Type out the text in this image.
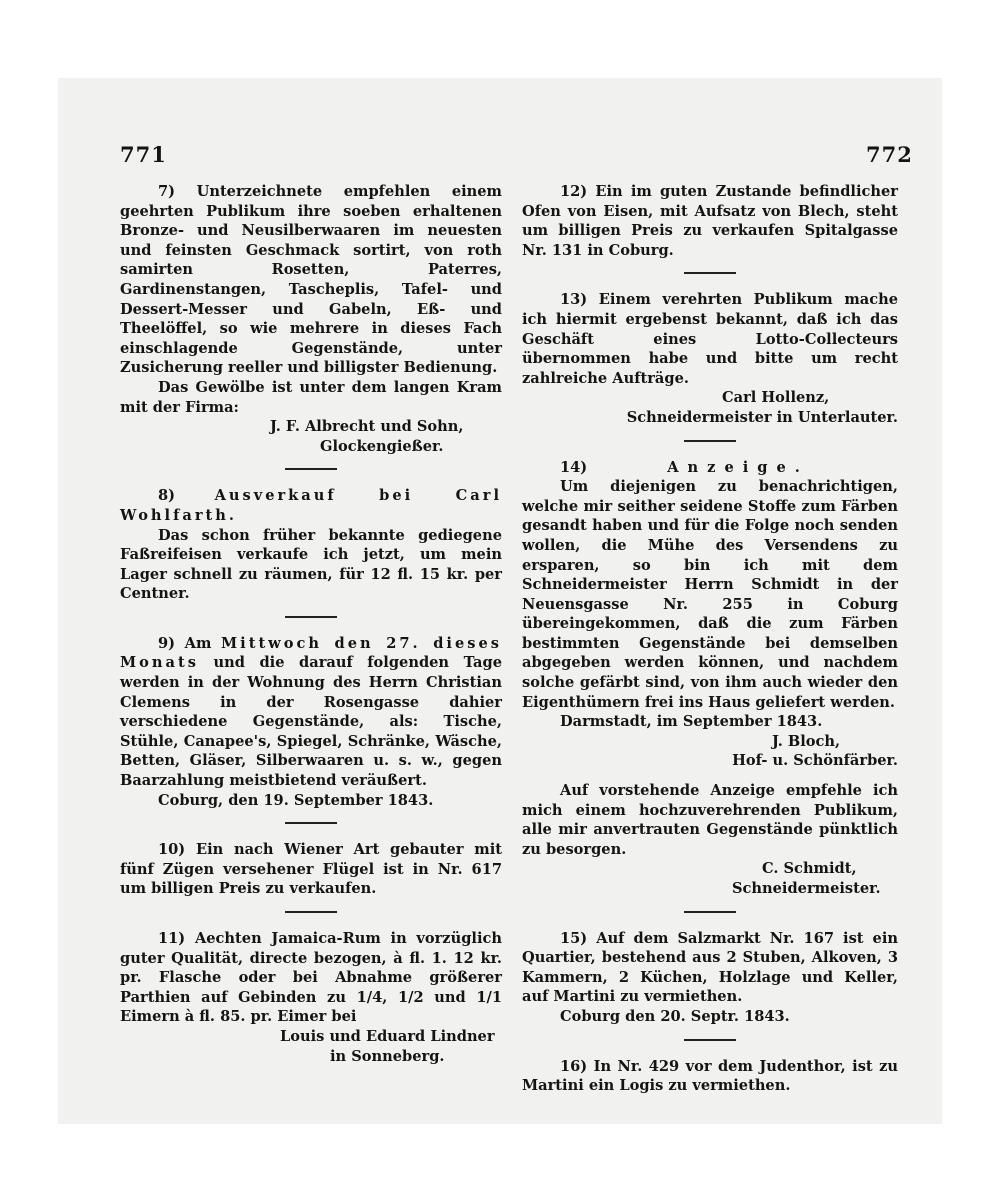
771	772

7) Unterzeichnete empfehlen einem geehrten Publikum ihre soeben erhaltenen Bronze- und Neusilberwaaren im neuesten und feinsten Geschmack sortirt, von roth samirten Rosetten, Paterres, Gardinenstangen, Tascheplis, Tafel- und Dessert-Messer und Gabeln, Eß- und Theelöffel, so wie mehrere in dieses Fach einschlagende Gegenstände, unter Zusicherung reeller und billigster Bedienung.

Das Gewölbe ist unter dem langen Kram mit der Firma:

J. F. Albrecht und Sohn,

Glockengießer.

8)	Ausverkauf bei Carl Wohlfarth.

Das schon früher bekannte gediegene Faßreifeisen verkaufe ich jetzt, um mein Lager schnell zu räumen, für 12 fl. 15 kr. per Centner.

9) Am Mittwoch den 27. dieses Monats und die darauf folgenden Tage werden in der Wohnung des Herrn Christian Clemens in der Rosengasse dahier verschiedene Gegenstände, als: Tische, Stühle, Canapee's, Spiegel, Schränke, Wäsche, Betten, Gläser, Silberwaaren u. s. w., gegen Baarzahlung meistbietend veräußert.

Coburg, den 19. September 1843.

10) Ein nach Wiener Art gebauter mit fünf Zügen versehener Flügel ist in Nr. 617 um billigen Preis zu verkaufen.

11) Aechten Jamaica-Rum in vorzüglich guter Qualität, directe bezogen, à fl. 1. 12 kr. pr. Flasche oder bei Abnahme größerer Parthien auf Gebinden zu 1/4, 1/2 und 1/1 Eimern à fl. 85. pr. Eimer bei

Louis und Eduard Lindner

in Sonneberg.

12) Ein im guten Zustande befindlicher Ofen von Eisen, mit Aufsatz von Blech, steht um billigen Preis zu verkaufen Spitalgasse Nr. 131 in Coburg.

13) Einem verehrten Publikum mache ich hiermit ergebenst bekannt, daß ich das Geschäft eines Lotto-Collecteurs übernommen habe und bitte um recht zahlreiche Aufträge.

Carl Hollenz,

Schneidermeister in Unterlauter.

14)	Anzeige.

Um diejenigen zu benachrichtigen, welche mir seither seidene Stoffe zum Färben gesandt haben und für die Folge noch senden wollen, die Mühe des Versendens zu ersparen, so bin ich mit dem Schneidermeister Herrn Schmidt in der Neuensgasse Nr. 255 in Coburg übereingekommen, daß die zum Färben bestimmten Gegenstände bei demselben abgegeben werden können, und nachdem solche gefärbt sind, von ihm auch wieder den Eigenthümern frei ins Haus geliefert werden.

Darmstadt, im September 1843.

J. Bloch,

Hof- u. Schönfärber.

Auf vorstehende Anzeige empfehle ich mich einem hochzuverehrenden Publikum, alle mir anvertrauten Gegenstände pünktlich zu besorgen.

C. Schmidt,

Schneidermeister.

15) Auf dem Salzmarkt Nr. 167 ist ein Quartier, bestehend aus 2 Stuben, Alkoven, 3 Kammern, 2 Küchen, Holzlage und Keller, auf Martini zu vermiethen.

Coburg den 20. Septr. 1843.

16) In Nr. 429 vor dem Judenthor, ist zu Martini ein Logis zu vermiethen.
